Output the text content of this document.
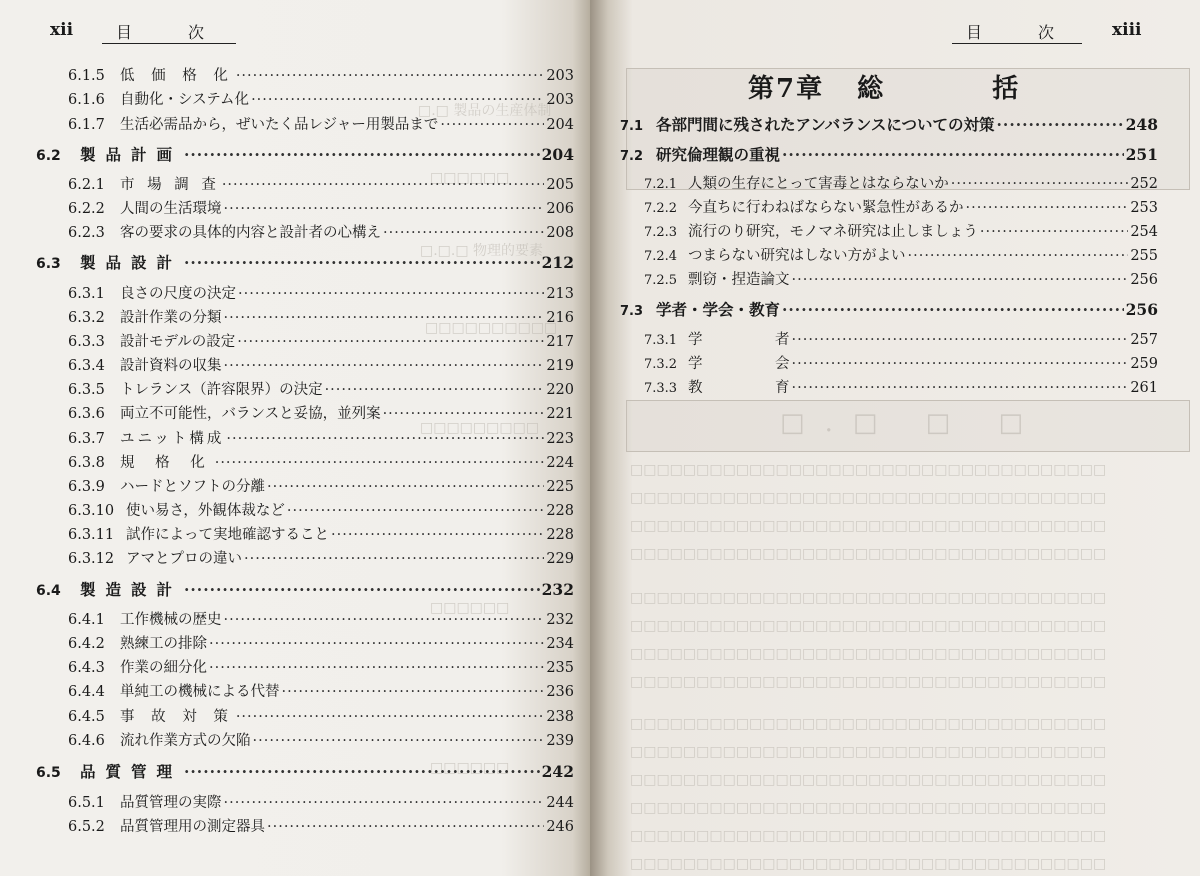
□.□ 製品の生産体制
□□□□□□
□.□.□ 物理的要素
□□□□□□□□□□
□□□□□□□□□
□□□□□□
□□□□□□
xii	目　　　次
6.1.5	低 価 格 化 ·····	203
6.1.6	自動化・システム化 ·····	203
6.1.7	生活必需品から，ぜいたく品レジャー用製品まで ·····	204
6.2	製品計画 ·····	204
6.2.1	市 場 調 査 ·····	205
6.2.2	人間の生活環境 ·····	206
6.2.3	客の要求の具体的内容と設計者の心構え ·····	208
6.3	製品設計 ·····	212
6.3.1	良さの尺度の決定 ·····	213
6.3.2	設計作業の分類 ·····	216
6.3.3	設計モデルの設定 ·····	217
6.3.4	設計資料の収集 ·····	219
6.3.5	トレランス（許容限界）の決定 ·····	220
6.3.6	両立不可能性，バランスと妥協，並列案 ·····	221
6.3.7	ユニット構成 ·····	223
6.3.8	規 格 化 ·····	224
6.3.9	ハードとソフトの分離 ·····	225
6.3.10 使い易さ，外観体裁など ·····	228
6.3.11 試作によって実地確認すること ·····	228
6.3.12 アマとプロの違い ·····	229
6.4	製造設計 ·····	232
6.4.1	工作機械の歴史 ·····	232
6.4.2	熟練工の排除 ·····	234
6.4.3	作業の細分化 ·····	235
6.4.4	単純工の機械による代替 ·····	236
6.4.5	事 故 対 策 ·····	238
6.4.6	流れ作業方式の欠陥 ·····	239
6.5	品質管理 ·····	242
6.5.1	品質管理の実際 ·····	244
6.5.2	品質管理用の測定器具 ·····	246
□.□ □ □
□□□□□□□□□□□□□□□□□□□□□□□□□□□□□□□□□□□□
□□□□□□□□□□□□□□□□□□□□□□□□□□□□□□□□□□□□
□□□□□□□□□□□□□□□□□□□□□□□□□□□□□□□□□□□□
□□□□□□□□□□□□□□□□□□□□□□□□□□□□□□□□□□□□
□□□□□□□□□□□□□□□□□□□□□□□□□□□□□□□□□□□□
□□□□□□□□□□□□□□□□□□□□□□□□□□□□□□□□□□□□
□□□□□□□□□□□□□□□□□□□□□□□□□□□□□□□□□□□□
□□□□□□□□□□□□□□□□□□□□□□□□□□□□□□□□□□□□
□□□□□□□□□□□□□□□□□□□□□□□□□□□□□□□□□□□□
□□□□□□□□□□□□□□□□□□□□□□□□□□□□□□□□□□□□
□□□□□□□□□□□□□□□□□□□□□□□□□□□□□□□□□□□□
□□□□□□□□□□□□□□□□□□□□□□□□□□□□□□□□□□□□
□□□□□□□□□□□□□□□□□□□□□□□□□□□□□□□□□□□□
□□□□□□□□□□□□□□□□□□□□□□□□□□□□□□□□□□□□
目　　　次	xiii
第7章 総	括
7.1 各部門間に残されたアンバランスについての対策 ·····	248
7.2 研究倫理観の重視 ·····	251
7.2.1 人類の生存にとって害毒とはならないか ·····	252
7.2.2 今直ちに行わねばならない緊急性があるか ·····	253
7.2.3 流行のり研究，モノマネ研究は止しましょう ·····	254
7.2.4 つまらない研究はしない方がよい ·····	255
7.2.5 剽窃・捏造論文 ·····	256
7.3 学者・学会・教育 ·····	256
7.3.1 学　　　　　者 ·····	257
7.3.2 学　　　　　会 ·····	259
7.3.3 教　　　　　育 ·····	261
